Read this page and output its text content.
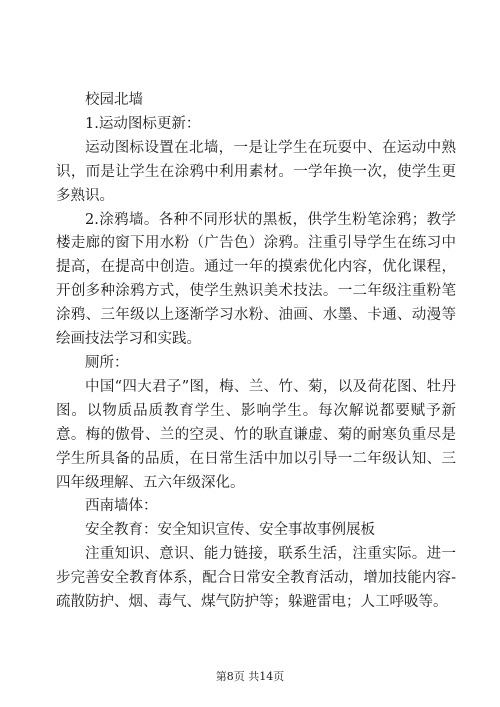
校园北墙

1.运动图标更新：

运动图标设置在北墙，一是让学生在玩耍中、在运动中熟识，而是让学生在涂鸦中利用素材。一学年换一次，使学生更多熟识。

2.涂鸦墙。各种不同形状的黑板，供学生粉笔涂鸦；教学楼走廊的窗下用水粉（广告色）涂鸦。注重引导学生在练习中提高，在提高中创造。通过一年的摸索优化内容，优化课程，开创多种涂鸦方式，使学生熟识美术技法。一二年级注重粉笔涂鸦、三年级以上逐渐学习水粉、油画、水墨、卡通、动漫等绘画技法学习和实践。

厕所：

中国“四大君子”图，梅、兰、竹、菊，以及荷花图、牡丹图。以物质品质教育学生、影响学生。每次解说都要赋予新意。梅的傲骨、兰的空灵、竹的耿直谦虚、菊的耐寒负重尽是学生所具备的品质，在日常生活中加以引导一二年级认知、三四年级理解、五六年级深化。

西南墙体：

安全教育：安全知识宣传、安全事故事例展板

注重知识、意识、能力链接，联系生活，注重实际。进一步完善安全教育体系，配合日常安全教育活动，增加技能内容-疏散防护、烟、毒气、煤气防护等；躲避雷电；人工呼吸等。

第8页 共14页
